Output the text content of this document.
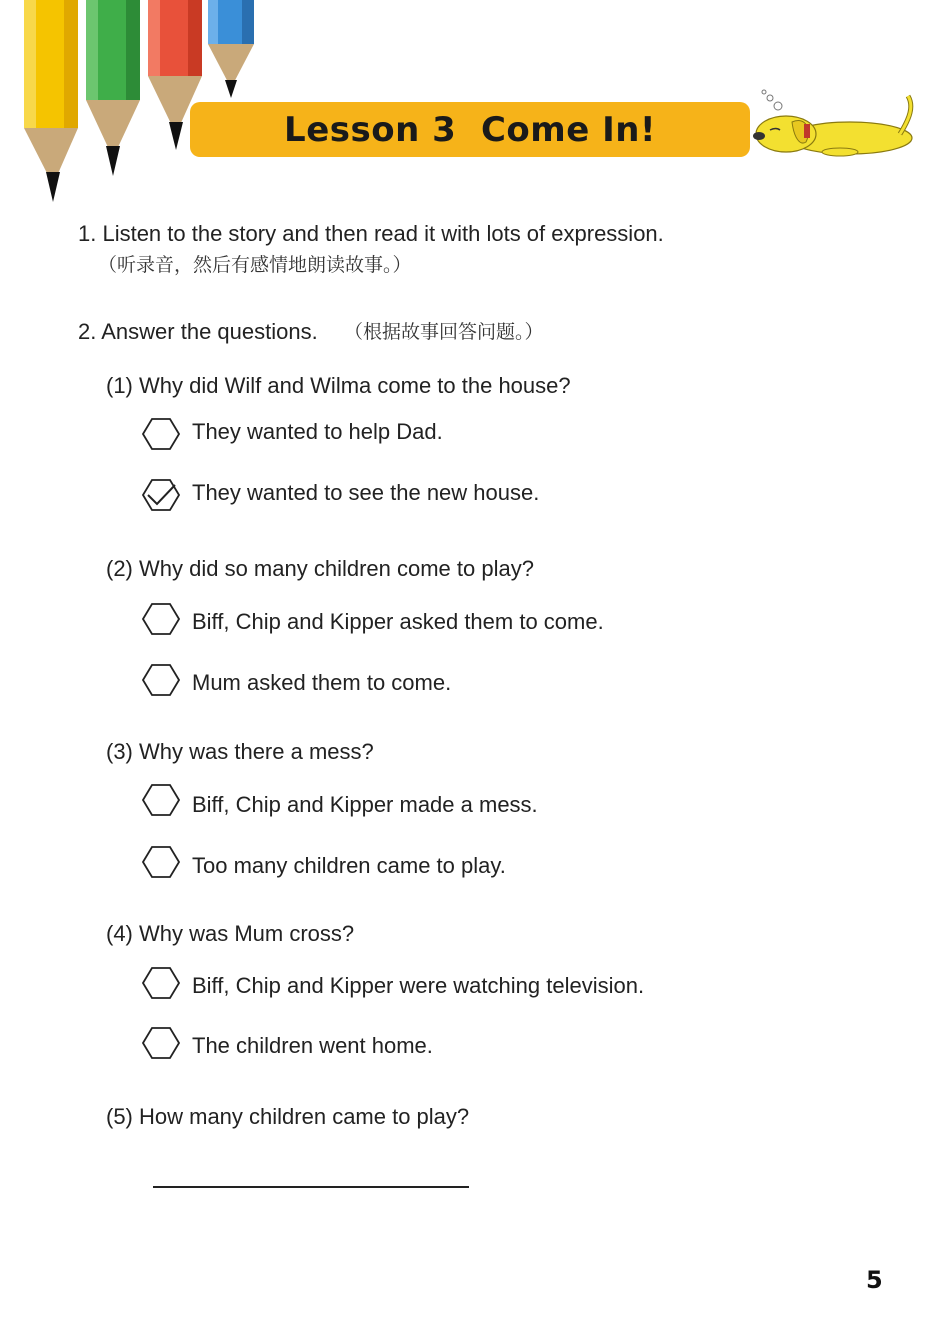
Lesson 3  Come In!
1. Listen to the story and then read it with lots of expression.
（听录音，然后有感情地朗读故事。）
2. Answer the questions. （根据故事回答问题。）
(1) Why did Wilf and Wilma come to the house?
They wanted to help Dad.
They wanted to see the new house.
(2) Why did so many children come to play?
Biff, Chip and Kipper asked them to come.
Mum asked them to come.
(3) Why was there a mess?
Biff, Chip and Kipper made a mess.
Too many children came to play.
(4) Why was Mum cross?
Biff, Chip and Kipper were watching television.
The children went home.
(5) How many children came to play?
5
